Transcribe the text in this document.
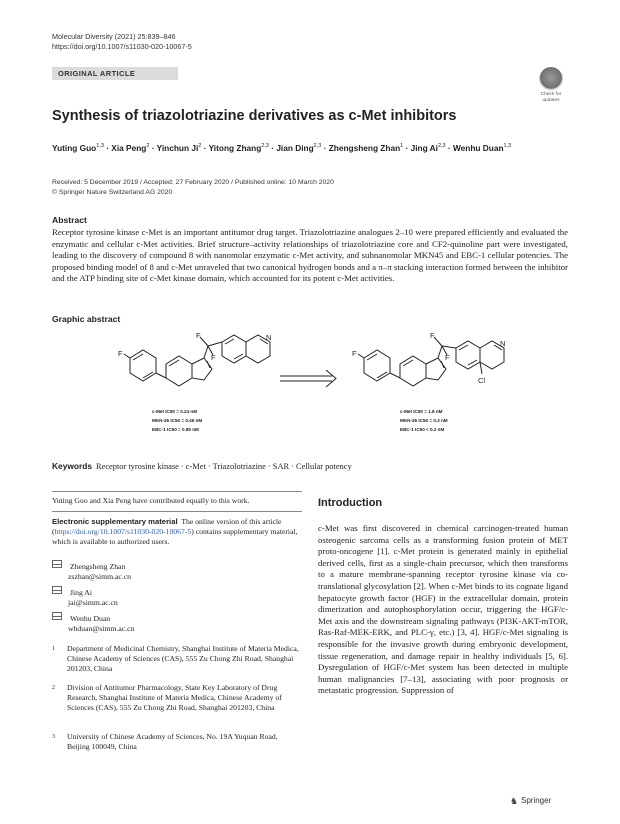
Molecular Diversity (2021) 25:839–846
https://doi.org/10.1007/s11030-020-10067-5
ORIGINAL ARTICLE
Check for
updates
Synthesis of triazolotriazine derivatives as c-Met inhibitors
Yuting Guo$^{1,3}$ · Xia Peng$^2$ · Yinchun $Ji^2$ · Yitong Zhang$^{2,3}$ · Jian Ding$^{2,3}$ · Zhengsheng Zhan$^1$ · Jing Ai$^{2,3}$ · Wenhu Duan$^{1,3}$
Received: 5 December 2019 / Accepted: 27 February 2020 / Published online: 10 March 2020
© Springer Nature Switzerland AG 2020
Abstract
Receptor tyrosine kinase c-Met is an important antitumor drug target. Triazolotriazine analogues 2–10 were prepared efficiently and evaluated the enzymatic and cellular c-Met activities. Brief structure–activity relationships of triazolotriazine core and CF2-quinoline part were investigated, leading to the discovery of compound 8 with nanomolar enzymatic c-Met activity, and subnanomolar MKN45 and EBC-1 cellular potencies. The proposed binding model of 8 and c-Met unraveled that two canonical hydrogen bonds and a π–π stacking interaction formed between the inhibitor and the ATP binding site of c-Met kinase domain, which accounted for its potent c-Met activities.
Graphic abstract
F
F
F
N
F
F
F
N
Cl
c-Met IC50 = 0.24 nM
MKN-45 IC50 = 0.46 nM
EBC-1 IC50 = 0.85 nM
c-Met IC50 = 1.8 nM
MKN-45 IC50 = 0.3 nM
EBC-1 IC50 < 0.2 nM
Keywords Receptor tyrosine kinase · c-Met · Triazolotriazine · SAR · Cellular potency
Yuting Guo and Xia Peng have contributed equally to this work.
Electronic supplementary material The online version of this article (https://doi.org/10.1007/s11030-020-10067-5) contains supplementary material, which is available to authorized users.
Zhengsheng Zhan
zszhan@simm.ac.cn
Jing Ai
jai@simm.ac.cn
Wenhu Duan
whduan@simm.ac.cn
1	Department of Medicinal Chemistry, Shanghai Institute of Materia Medica, Chinese Academy of Sciences (CAS), 555 Zu Chong Zhi Road, Shanghai 201203, China
2	Division of Antitumor Pharmacology, State Key Laboratory of Drug Research, Shanghai Institute of Materia Medica, Chinese Academy of Sciences (CAS), 555 Zu Chong Zhi Road, Shanghai 201203, China
3	University of Chinese Academy of Sciences, No. 19A Yuquan Road, Beijing 100049, China
Introduction
c-Met was first discovered in chemical carcinogen-treated human osteogenic sarcoma cells as a transforming fusion protein of MET proto-oncogene [1]. c-Met protein is generated mainly in epithelial derived cells, first as a single-chain precursor, which then transforms to a mature membrane-spanning receptor tyrosine kinase via co-translational glycosylation [2]. When c-Met binds to its cognate ligand hepatocyte growth factor (HGF) in the extracellular domain, protein dimerization and autophosphorylation occur, triggering the HGF/c-Met axis and the downstream signaling pathways (PI3K-AKT-mTOR, Ras-Raf-MEK-ERK, and PLC-γ, etc.) [3, 4]. HGF/c-Met signaling is responsible for the invasive growth during embryonic development, tissue regeneration, and damage repair in healthy individuals [5, 6]. Dysregulation of HGF/c-Met system has been detected in multiple human malignancies [7–13], associating with poor prognosis or metastatic progression. Suppression of
♞ Springer
